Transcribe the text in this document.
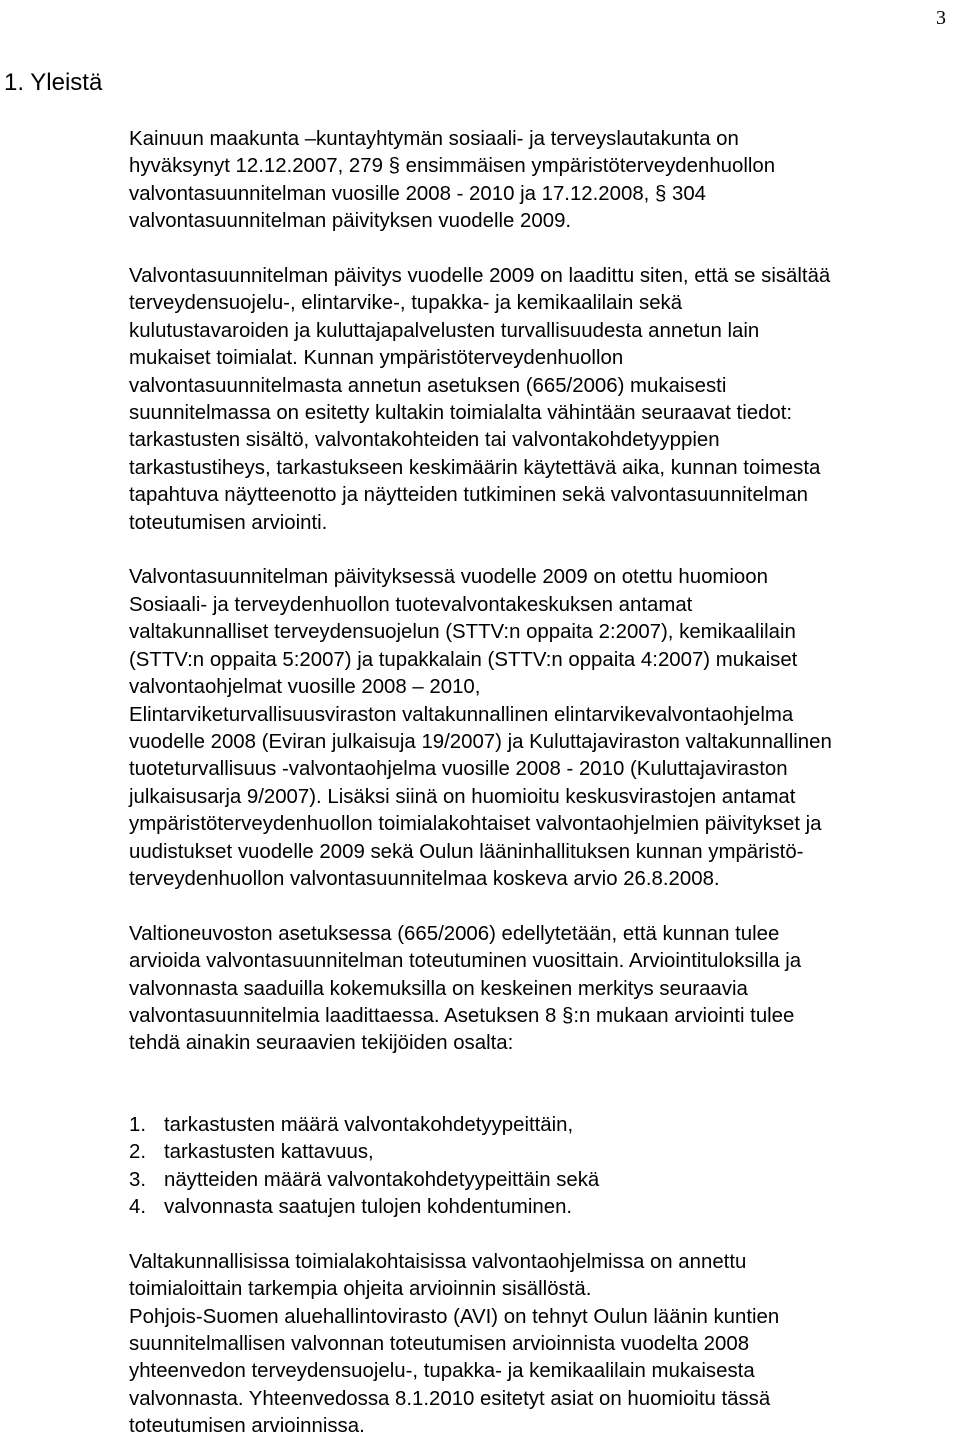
3
1. Yleistä

Kainuun maakunta –kuntayhtymän sosiaali- ja terveyslautakunta on
hyväksynyt 12.12.2007, 279 § ensimmäisen ympäristöterveydenhuollon
valvontasuunnitelman vuosille 2008 - 2010 ja 17.12.2008, § 304
valvontasuunnitelman päivityksen vuodelle 2009.

Valvontasuunnitelman päivitys vuodelle 2009 on laadittu siten, että se sisältää
terveydensuojelu-, elintarvike-, tupakka- ja kemikaalilain sekä
kulutustavaroiden ja kuluttajapalvelusten turvallisuudesta annetun lain
mukaiset toimialat. Kunnan ympäristöterveydenhuollon
valvontasuunnitelmasta annetun asetuksen (665/2006) mukaisesti
suunnitelmassa on esitetty kultakin toimialalta vähintään seuraavat tiedot:
tarkastusten sisältö, valvontakohteiden tai valvontakohdetyyppien
tarkastustiheys, tarkastukseen keskimäärin käytettävä aika, kunnan toimesta
tapahtuva näytteenotto ja näytteiden tutkiminen sekä valvontasuunnitelman
toteutumisen arviointi.

Valvontasuunnitelman päivityksessä vuodelle 2009 on otettu huomioon
Sosiaali- ja terveydenhuollon tuotevalvontakeskuksen antamat
valtakunnalliset terveydensuojelun (STTV:n oppaita 2:2007), kemikaalilain
(STTV:n oppaita 5:2007) ja tupakkalain (STTV:n oppaita 4:2007) mukaiset
valvontaohjelmat vuosille 2008 – 2010,
Elintarviketurvallisuusviraston valtakunnallinen elintarvikevalvontaohjelma
vuodelle 2008 (Eviran julkaisuja 19/2007) ja Kuluttajaviraston valtakunnallinen
tuoteturvallisuus -valvontaohjelma vuosille 2008 - 2010 (Kuluttajaviraston
julkaisusarja 9/2007). Lisäksi siinä on huomioitu keskusvirastojen antamat
ympäristöterveydenhuollon toimialakohtaiset valvontaohjelmien päivitykset ja
uudistukset vuodelle 2009 sekä Oulun lääninhallituksen kunnan ympäristö-
terveydenhuollon valvontasuunnitelmaa koskeva arvio 26.8.2008.

Valtioneuvoston asetuksessa (665/2006) edellytetään, että kunnan tulee
arvioida valvontasuunnitelman toteutuminen vuosittain. Arviointituloksilla ja
valvonnasta saaduilla kokemuksilla on keskeinen merkitys seuraavia
valvontasuunnitelmia laadittaessa. Asetuksen 8 §:n mukaan arviointi tulee
tehdä ainakin seuraavien tekijöiden osalta:

1. tarkastusten määrä valvontakohdetyypeittäin,
2. tarkastusten kattavuus,
3. näytteiden määrä valvontakohdetyypeittäin sekä
4. valvonnasta saatujen tulojen kohdentuminen.

Valtakunnallisissa toimialakohtaisissa valvontaohjelmissa on annettu
toimialoittain tarkempia ohjeita arvioinnin sisällöstä.

Pohjois-Suomen aluehallintovirasto (AVI) on tehnyt Oulun läänin kuntien
suunnitelmallisen valvonnan toteutumisen arvioinnista vuodelta 2008
yhteenvedon terveydensuojelu-, tupakka- ja kemikaalilain mukaisesta
valvonnasta. Yhteenvedossa 8.1.2010 esitetyt asiat on huomioitu tässä
toteutumisen arvioinnissa.
